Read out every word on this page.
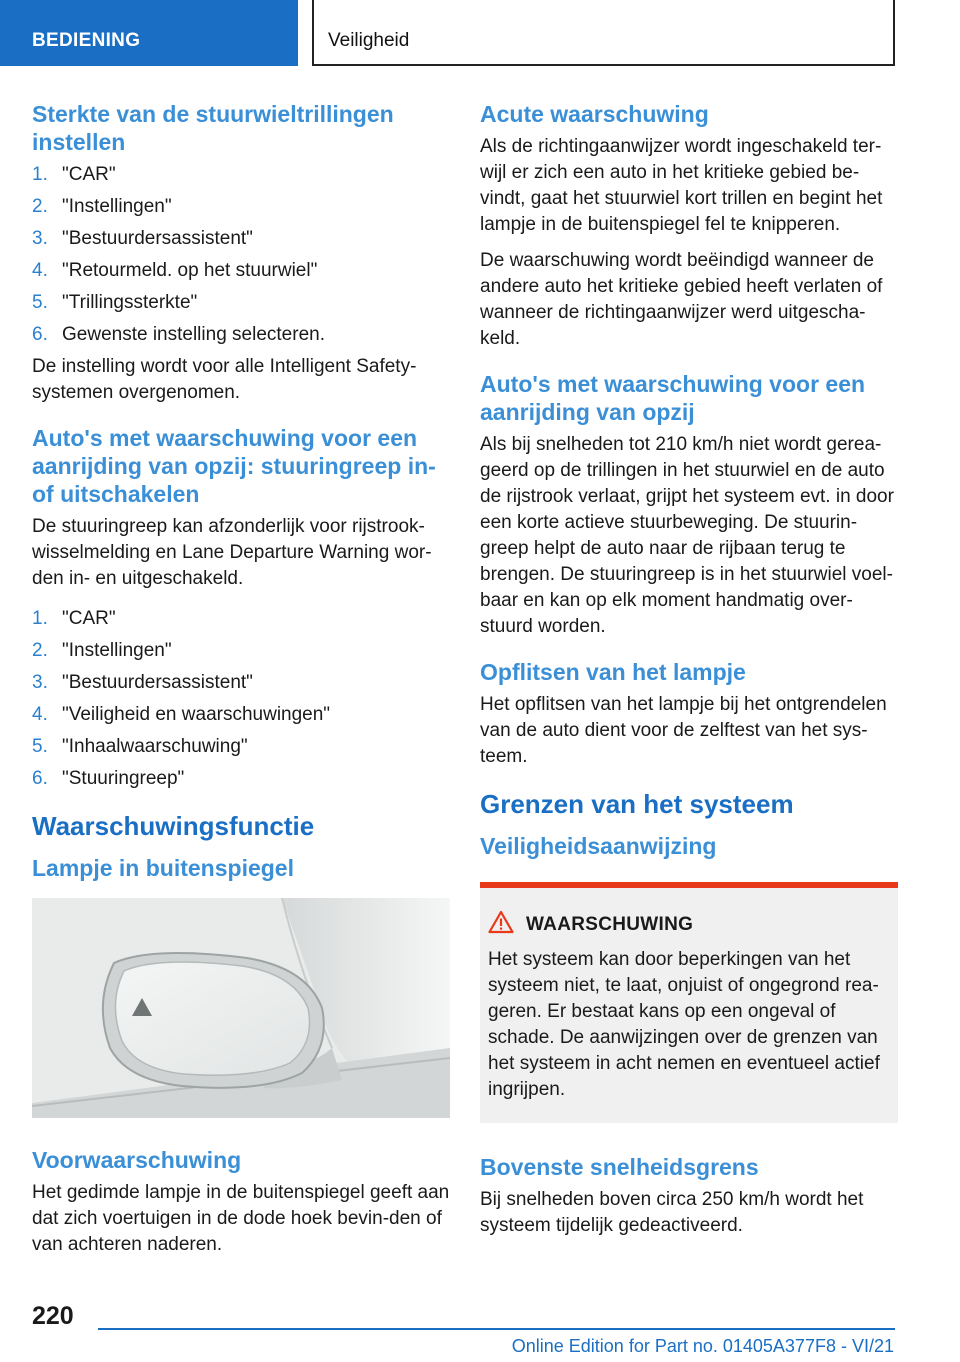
BEDIENING	Veiligheid
Sterkte van de stuurwieltrillingen instellen
1. "CAR"
2. "Instellingen"
3. "Bestuurdersassistent"
4. "Retourmeld. op het stuurwiel"
5. "Trillingssterkte"
6. Gewenste instelling selecteren.

De instelling wordt voor alle Intelligent Safety-systemen overgenomen.

Auto's met waarschuwing voor een aanrijding van opzij: stuuringreep in- of uitschakelen

De stuuringreep kan afzonderlijk voor rijstrook-wisselmelding en Lane Departure Warning wor-den in- en uitgeschakeld.

1. "CAR"
2. "Instellingen"
3. "Bestuurdersassistent"
4. "Veiligheid en waarschuwingen"
5. "Inhaalwaarschuwing"
6. "Stuuringreep"
Waarschuwingsfunctie
Lampje in buitenspiegel
Voorwaarschuwing

Het gedimde lampje in de buitenspiegel geeft aan dat zich voertuigen in de dode hoek bevin-den of van achteren naderen.

Acute waarschuwing

Als de richtingaanwijzer wordt ingeschakeld ter-wijl er zich een auto in het kritieke gebied be-vindt, gaat het stuurwiel kort trillen en begint het lampje in de buitenspiegel fel te knipperen.

De waarschuwing wordt beëindigd wanneer de andere auto het kritieke gebied heeft verlaten of wanneer de richtingaanwijzer werd uitgescha-keld.

Auto's met waarschuwing voor een aanrijding van opzij

Als bij snelheden tot 210 km/h niet wordt gerea-geerd op de trillingen in het stuurwiel en de auto de rijstrook verlaat, grijpt het systeem evt. in door een korte actieve stuurbeweging. De stuurin-greep helpt de auto naar de rijbaan terug te brengen. De stuuringreep is in het stuurwiel voel-baar en kan op elk moment handmatig over-stuurd worden.

Opflitsen van het lampje

Het opflitsen van het lampje bij het ontgrendelen van de auto dient voor de zelftest van het sys-teem.

Grenzen van het systeem
Veiligheidsaanwijzing
WAARSCHUWING

Het systeem kan door beperkingen van het systeem niet, te laat, onjuist of ongegrond rea-geren. Er bestaat kans op een ongeval of schade. De aanwijzingen over de grenzen van het systeem in acht nemen en eventueel actief ingrijpen.

Bovenste snelheidsgrens

Bij snelheden boven circa 250 km/h wordt het systeem tijdelijk gedeactiveerd.

220
Online Edition for Part no. 01405A377F8 - VI/21
